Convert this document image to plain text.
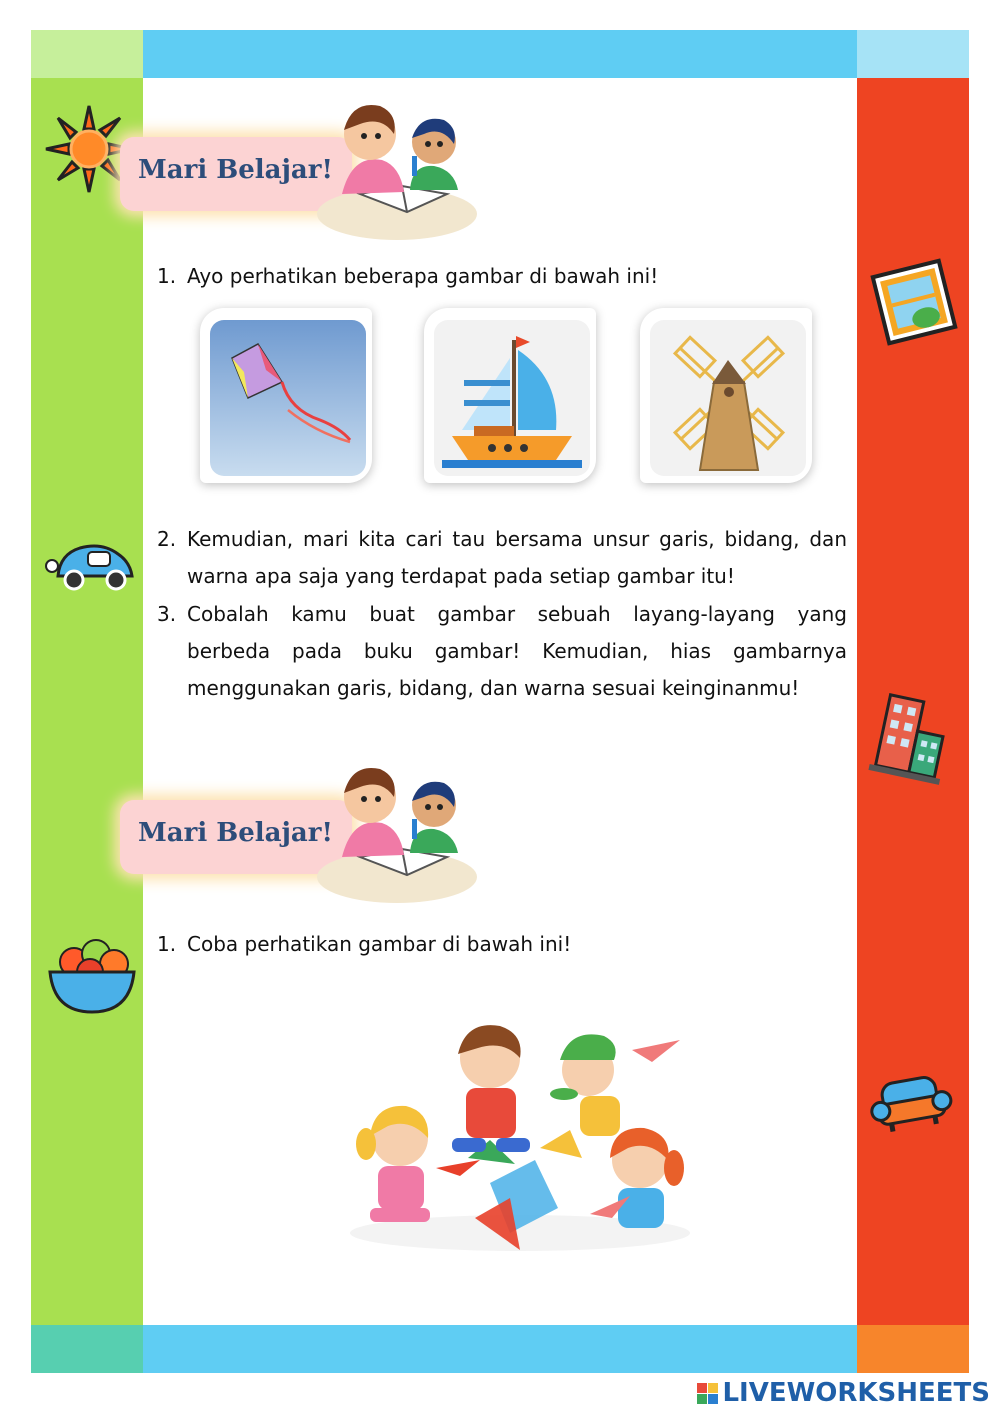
Mari Belajar!
1. Ayo perhatikan beberapa gambar di bawah ini!
2. Kemudian, mari kita cari tau bersama unsur garis, bidang, dan
warna apa saja yang terdapat pada setiap gambar itu!
3. Cobalah kamu buat gambar sebuah layang-layang yang
berbeda pada buku gambar! Kemudian, hias gambarnya
menggunakan garis, bidang, dan warna sesuai keinginanmu!
Mari Belajar!
1. Coba perhatikan gambar di bawah ini!
LIVEWORKSHEETS
